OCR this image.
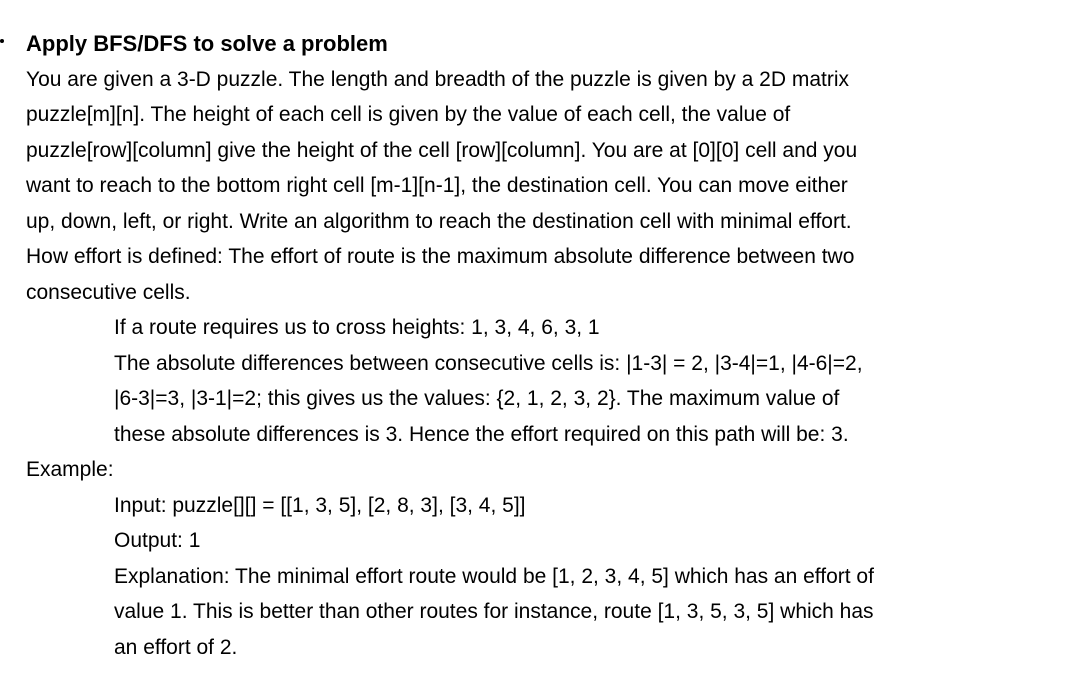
Apply BFS/DFS to solve a problem

You are given a 3-D puzzle. The length and breadth of the puzzle is given by a 2D matrix

puzzle[m][n]. The height of each cell is given by the value of each cell, the value of

puzzle[row][column] give the height of the cell [row][column]. You are at [0][0] cell and you

want to reach to the bottom right cell [m-1][n-1], the destination cell. You can move either

up, down, left, or right. Write an algorithm to reach the destination cell with minimal effort.

How effort is defined: The effort of route is the maximum absolute difference between two

consecutive cells.

If a route requires us to cross heights: 1, 3, 4, 6, 3, 1

The absolute differences between consecutive cells is: |1-3| = 2, |3-4|=1, |4-6|=2,

|6-3|=3, |3-1|=2; this gives us the values: {2, 1, 2, 3, 2}. The maximum value of

these absolute differences is 3. Hence the effort required on this path will be: 3.

Example:

Input: puzzle[][] = [[1, 3, 5], [2, 8, 3], [3, 4, 5]]

Output: 1

Explanation: The minimal effort route would be [1, 2, 3, 4, 5] which has an effort of

value 1. This is better than other routes for instance, route [1, 3, 5, 3, 5] which has

an effort of 2.
